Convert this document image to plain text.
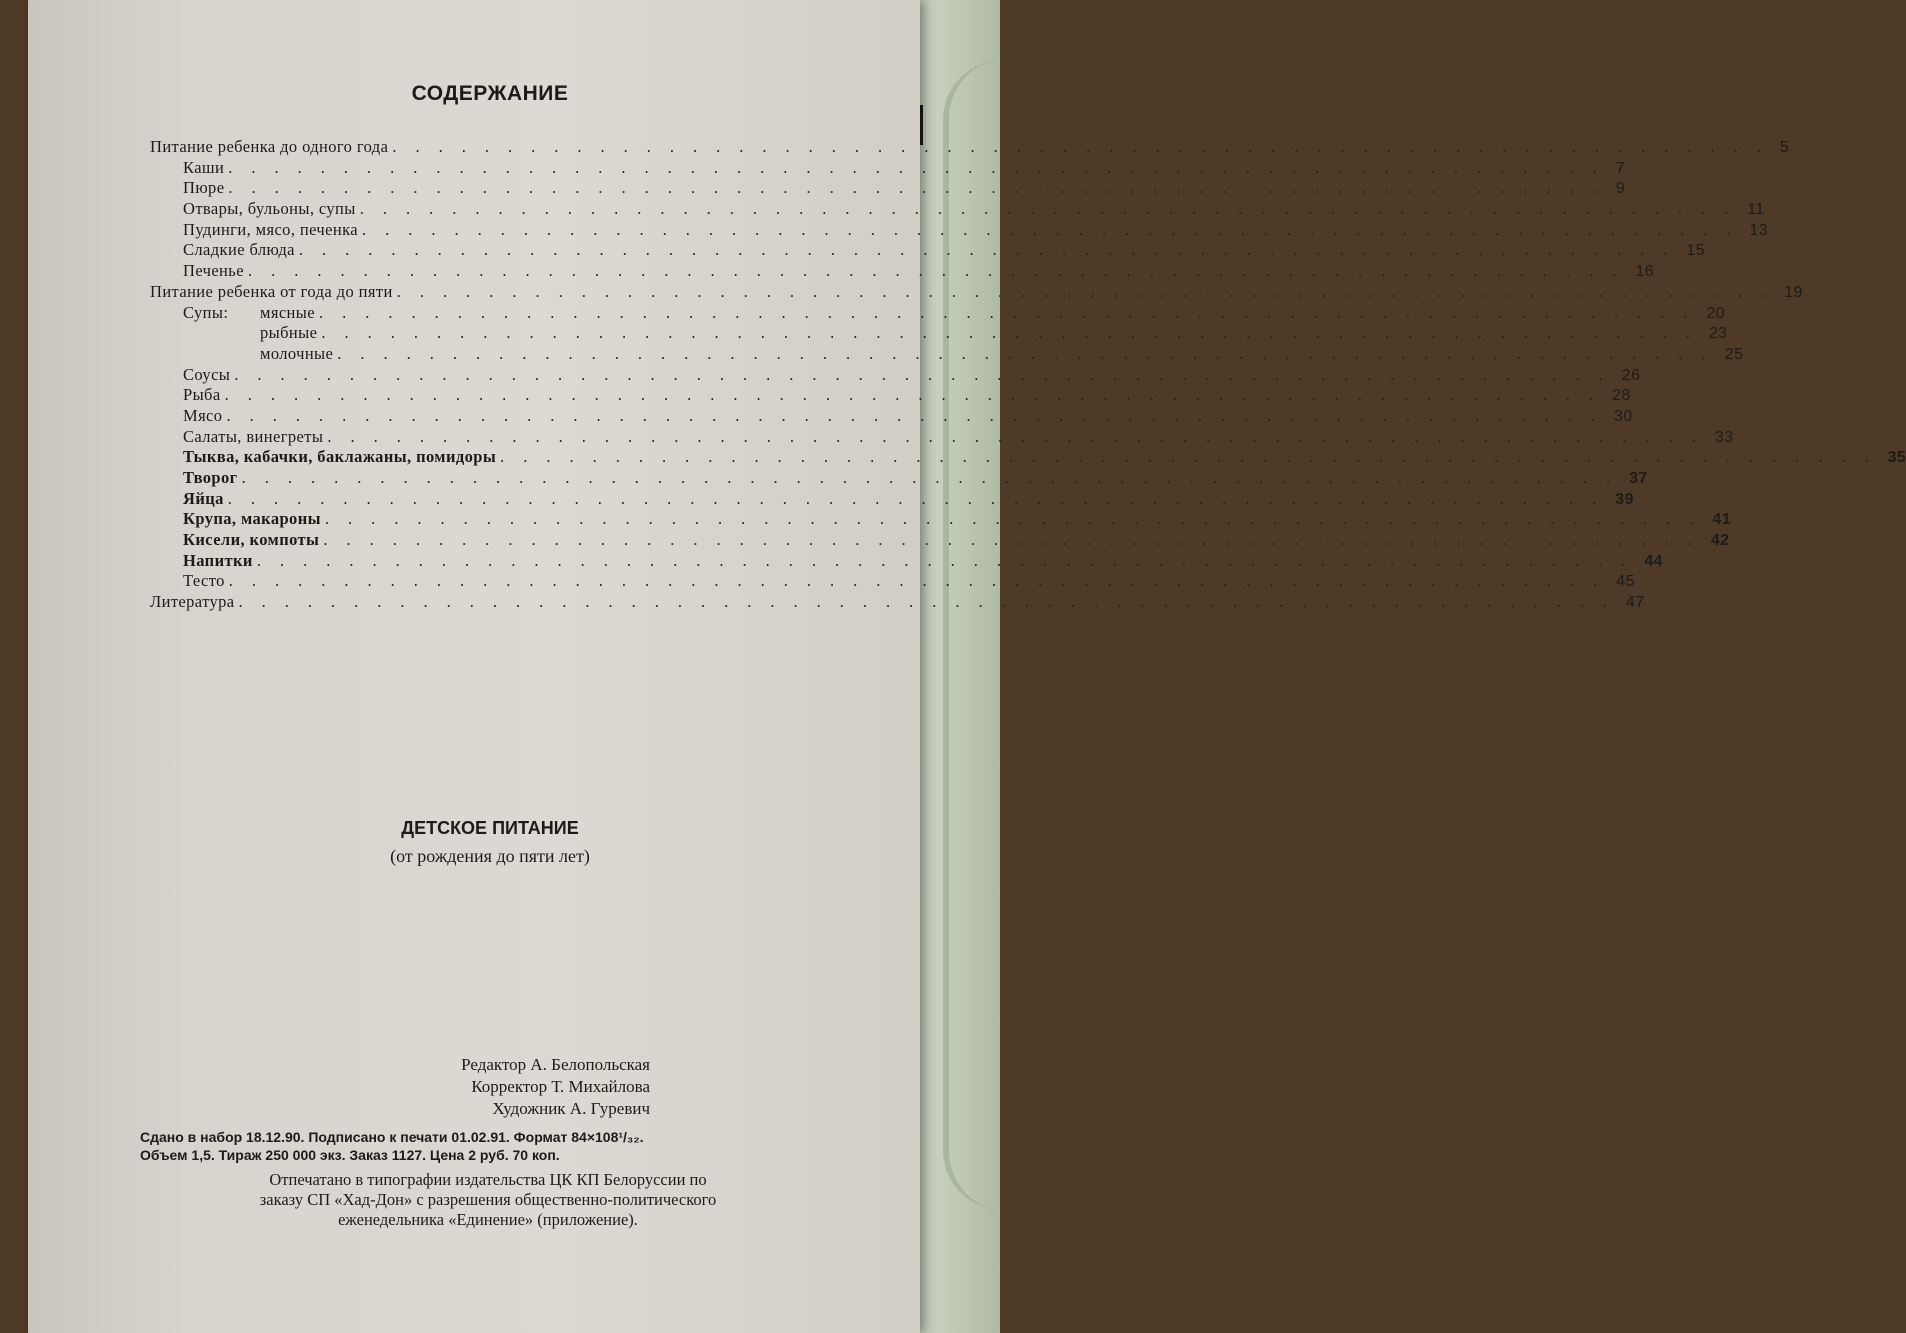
СОДЕРЖАНИЕ
Питание ребенка до одного года ............................................................ 5
Каши ............................................................ 7
Пюре ............................................................ 9
Отвары, бульоны, супы ............................................................ 11
Пудинги, мясо, печенка ............................................................ 13
Сладкие блюда ............................................................ 15
Печенье ............................................................ 16
Питание ребенка от года до пяти ............................................................ 19
Супы: мясные ............................................................ 20
рыбные ............................................................ 23
молочные ............................................................ 25
Соусы ............................................................ 26
Рыба ............................................................ 28
Мясо ............................................................ 30
Салаты, винегреты ............................................................ 33
Тыква, кабачки, баклажаны, помидоры ............................................................ 35
Творог ............................................................ 37
Яйца ............................................................ 39
Крупа, макароны ............................................................ 41
Кисели, компоты ............................................................ 42
Напитки ............................................................ 44
Тесто ............................................................ 45
Литература ............................................................ 47
ДЕТСКОЕ ПИТАНИЕ
(от рождения до пяти лет)
Редактор А. Белопольская
Корректор Т. Михайлова
Художник А. Гуревич
Сдано в набор 18.12.90. Подписано к печати 01.02.91. Формат 84×108¹/₃₂.
Объем 1,5. Тираж 250 000 экз. Заказ 1127. Цена 2 руб. 70 коп.
Отпечатано в типографии издательства ЦК КП Белоруссии по
заказу СП «Хад-Дон» с разрешения общественно-политического
еженедельника «Единение» (приложение).
